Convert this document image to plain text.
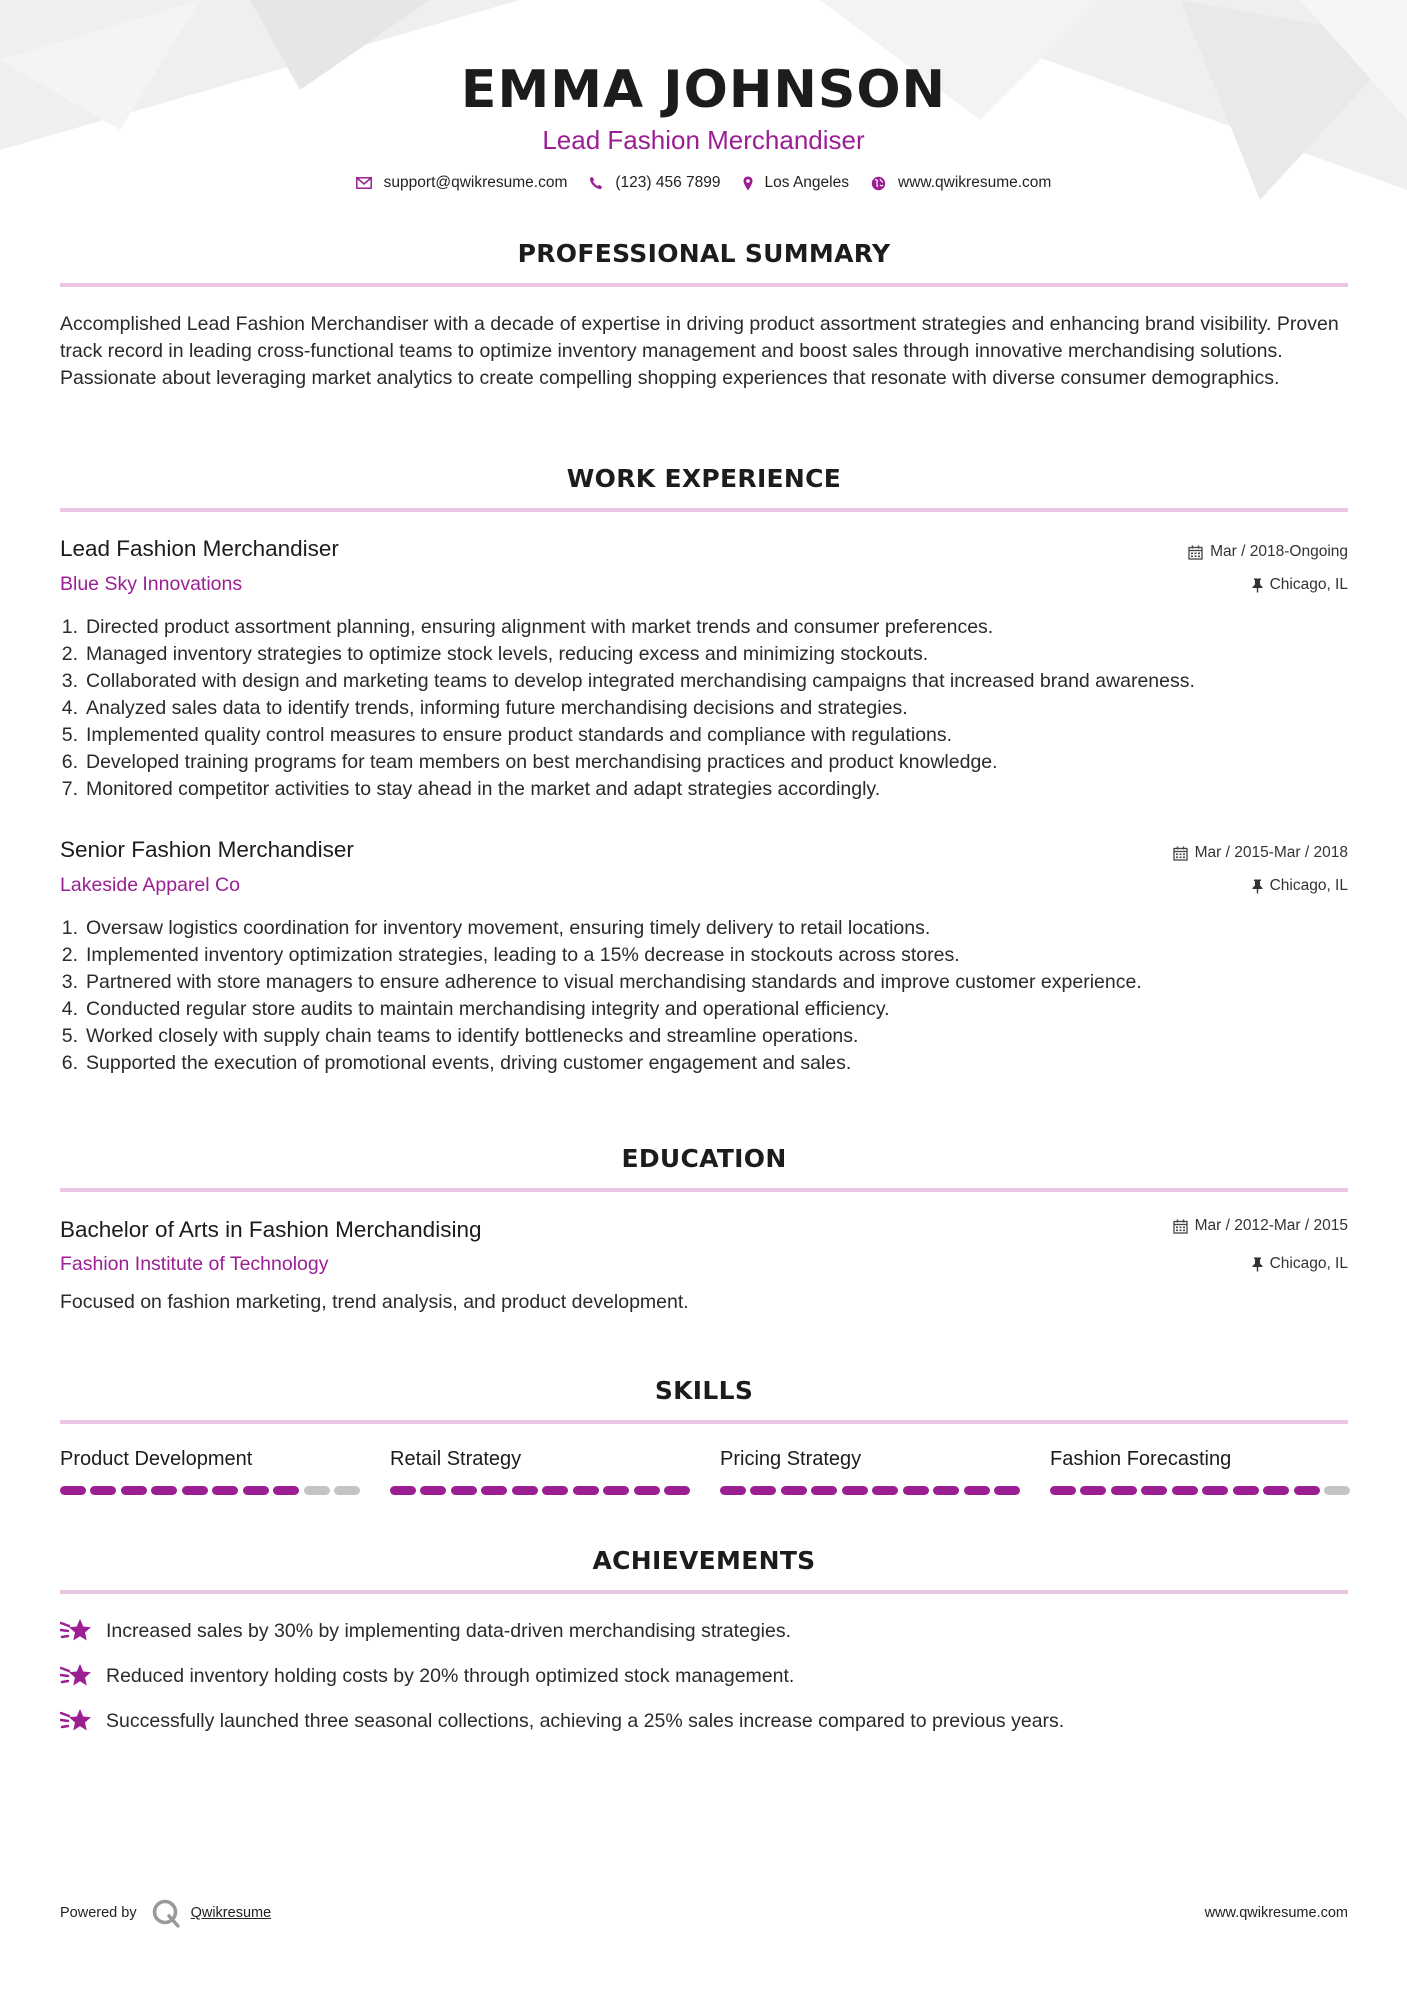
EMMA JOHNSON
Lead Fashion Merchandiser
support@qwikresume.com	(123) 456 7899	Los Angeles	www.qwikresume.com
PROFESSIONAL SUMMARY
Accomplished Lead Fashion Merchandiser with a decade of expertise in driving product assortment strategies and enhancing brand visibility. Proven track record in leading cross-functional teams to optimize inventory management and boost sales through innovative merchandising solutions. Passionate about leveraging market analytics to create compelling shopping experiences that resonate with diverse consumer demographics.
WORK EXPERIENCE
Lead Fashion Merchandiser	Mar / 2018-Ongoing
Blue Sky Innovations	Chicago, IL
1. Directed product assortment planning, ensuring alignment with market trends and consumer preferences.
2. Managed inventory strategies to optimize stock levels, reducing excess and minimizing stockouts.
3. Collaborated with design and marketing teams to develop integrated merchandising campaigns that increased brand awareness.
4. Analyzed sales data to identify trends, informing future merchandising decisions and strategies.
5. Implemented quality control measures to ensure product standards and compliance with regulations.
6. Developed training programs for team members on best merchandising practices and product knowledge.
7. Monitored competitor activities to stay ahead in the market and adapt strategies accordingly.
Senior Fashion Merchandiser	Mar / 2015-Mar / 2018
Lakeside Apparel Co	Chicago, IL
1. Oversaw logistics coordination for inventory movement, ensuring timely delivery to retail locations.
2. Implemented inventory optimization strategies, leading to a 15% decrease in stockouts across stores.
3. Partnered with store managers to ensure adherence to visual merchandising standards and improve customer experience.
4. Conducted regular store audits to maintain merchandising integrity and operational efficiency.
5. Worked closely with supply chain teams to identify bottlenecks and streamline operations.
6. Supported the execution of promotional events, driving customer engagement and sales.
EDUCATION
Bachelor of Arts in Fashion Merchandising	Mar / 2012-Mar / 2015
Fashion Institute of Technology	Chicago, IL
Focused on fashion marketing, trend analysis, and product development.
SKILLS
Product Development	Retail Strategy	Pricing Strategy	Fashion Forecasting
ACHIEVEMENTS
Increased sales by 30% by implementing data-driven merchandising strategies.
Reduced inventory holding costs by 20% through optimized stock management.
Successfully launched three seasonal collections, achieving a 25% sales increase compared to previous years.
Powered by	Qwikresume	www.qwikresume.com
